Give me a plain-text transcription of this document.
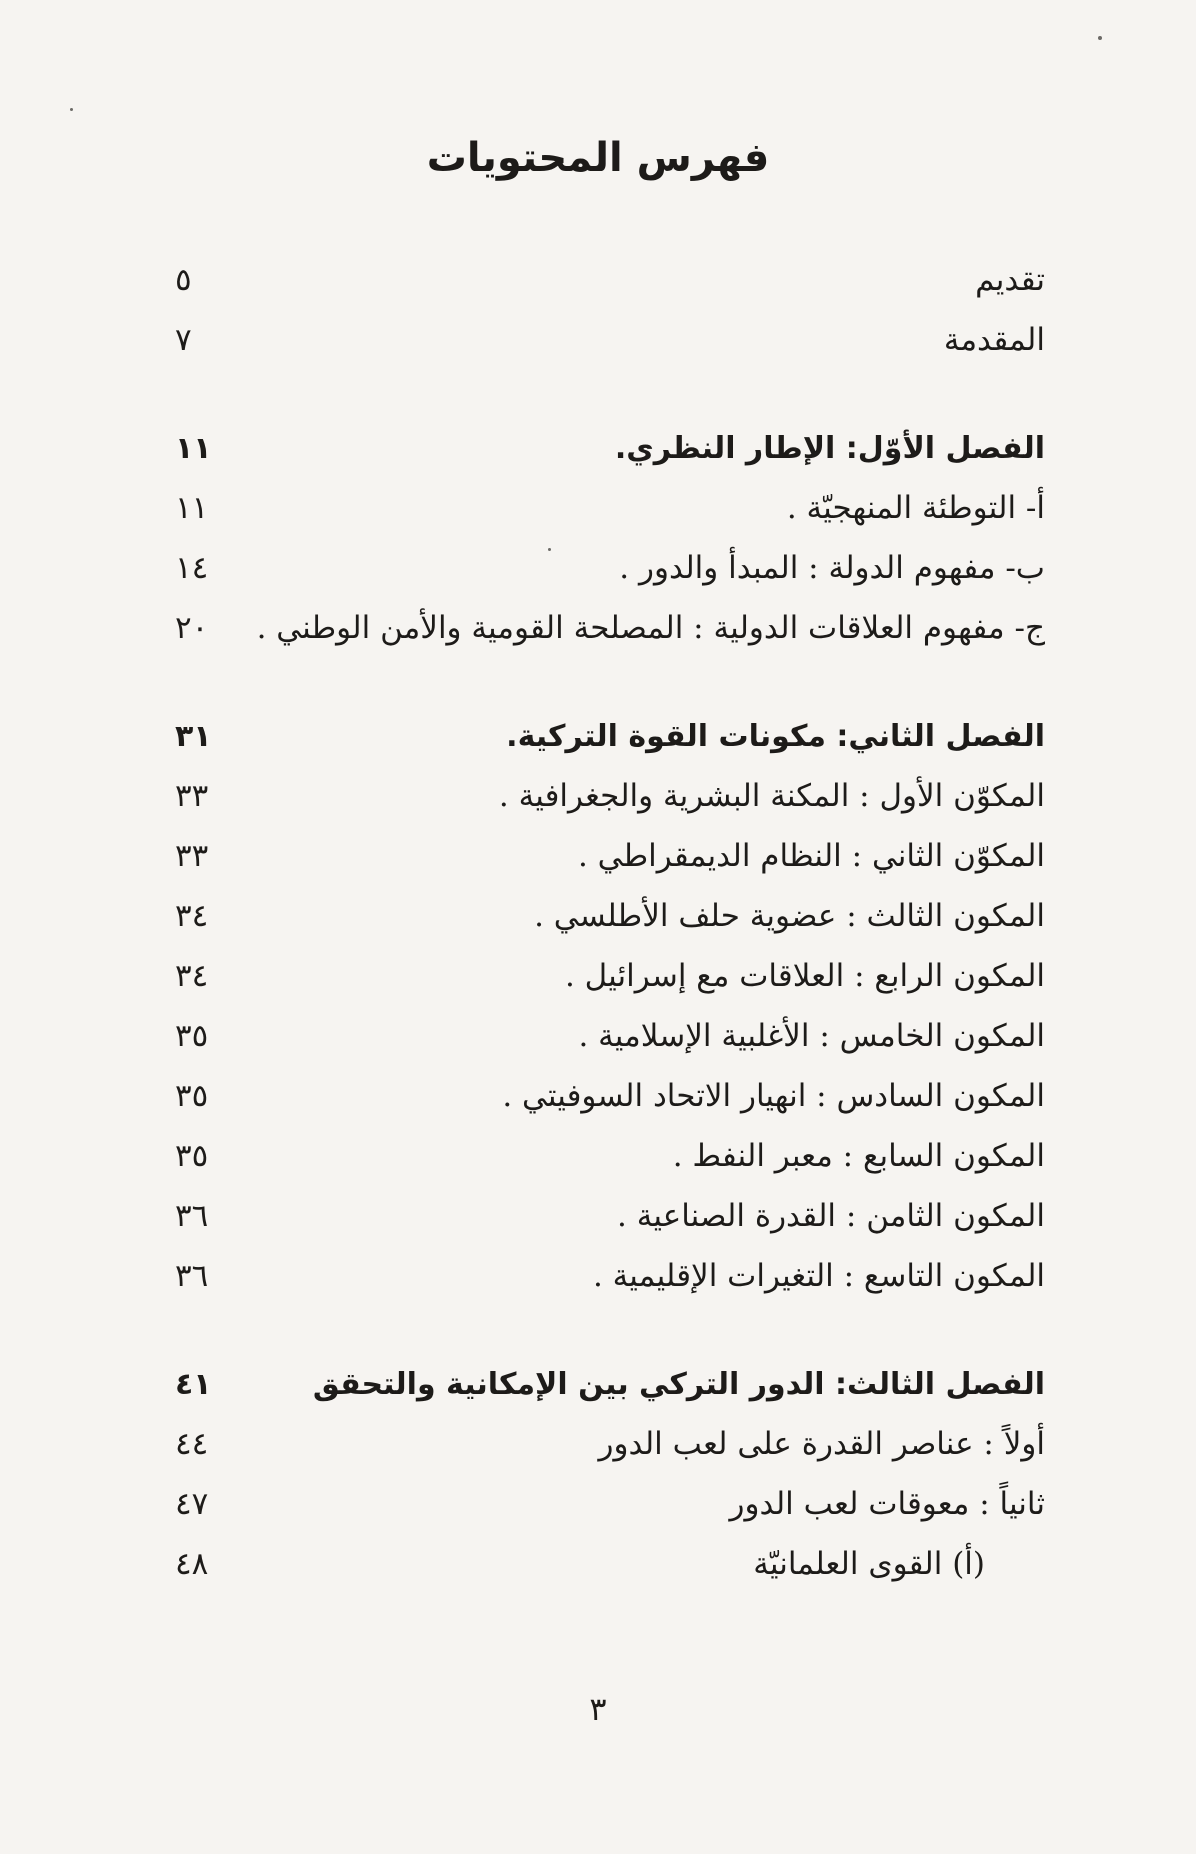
فهرس المحتويات
تقديم
٥
المقدمة
٧
الفصل الأوّل: الإطار النظري.
١١
أ- التوطئة المنهجيّة .
١١
ب- مفهوم الدولة : المبدأ والدور .
١٤
ج- مفهوم العلاقات الدولية : المصلحة القومية والأمن الوطني .
٢٠
الفصل الثاني: مكونات القوة التركية.
٣١
المكوّن الأول : المكنة البشرية والجغرافية .
٣٣
المكوّن الثاني : النظام الديمقراطي .
٣٣
المكون الثالث : عضوية حلف الأطلسي .
٣٤
المكون الرابع : العلاقات مع إسرائيل .
٣٤
المكون الخامس : الأغلبية الإسلامية .
٣٥
المكون السادس : انهيار الاتحاد السوفيتي .
٣٥
المكون السابع : معبر النفط .
٣٥
المكون الثامن : القدرة الصناعية .
٣٦
المكون التاسع : التغيرات الإقليمية .
٣٦
الفصل الثالث: الدور التركي بين الإمكانية والتحقق
٤١
أولاً : عناصر القدرة على لعب الدور
٤٤
ثانياً : معوقات لعب الدور
٤٧
(أ) القوى العلمانيّة
٤٨
٣
